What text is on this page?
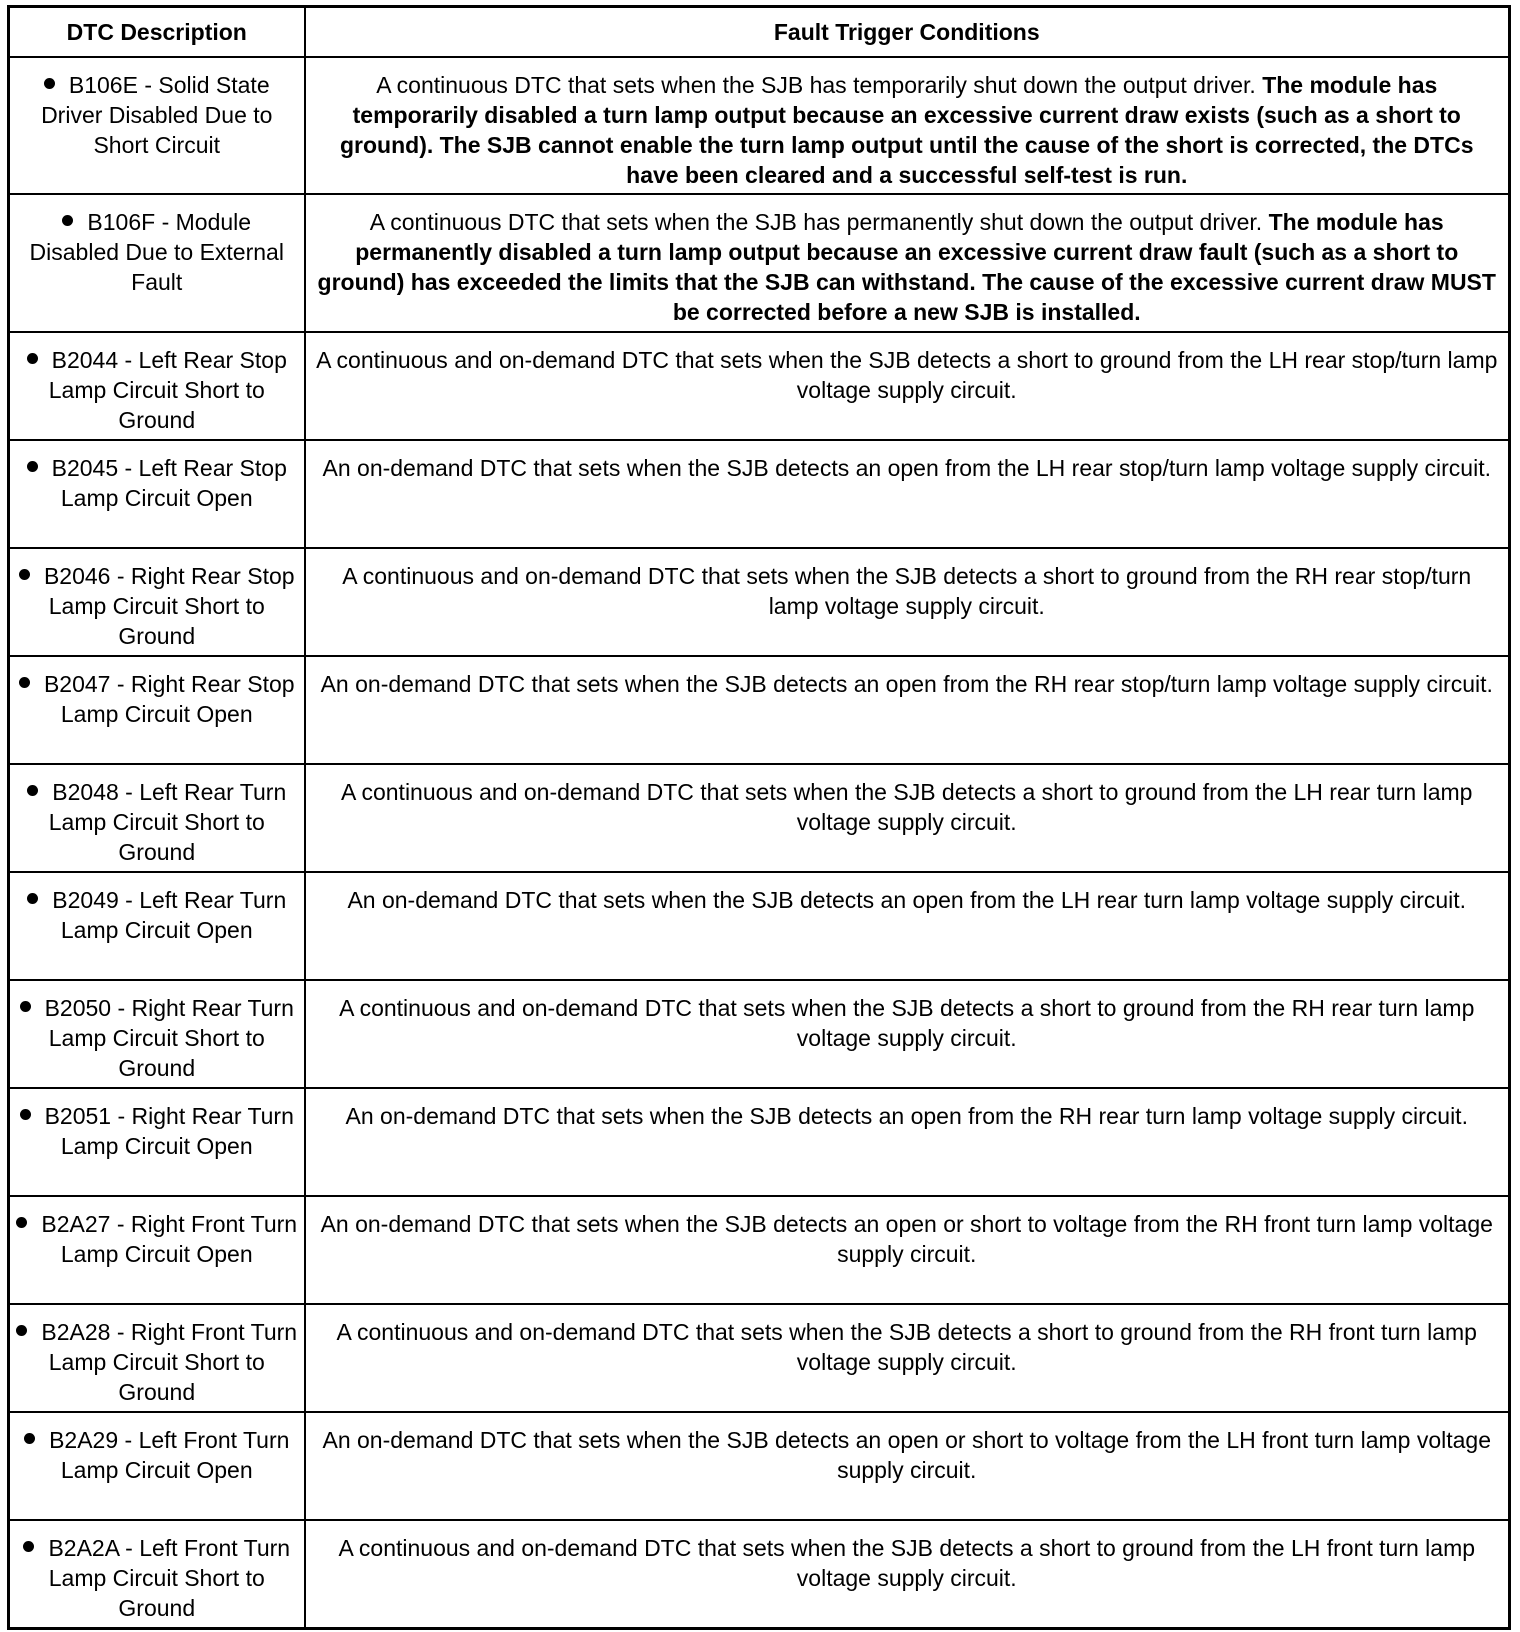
DTC Description	Fault Trigger Conditions
B106E - Solid State Driver Disabled Due to Short Circuit	A continuous DTC that sets when the SJB has temporarily shut down the output driver. The module has temporarily disabled a turn lamp output because an excessive current draw exists (such as a short to ground). The SJB cannot enable the turn lamp output until the cause of the short is corrected, the DTCs have been cleared and a successful self-test is run.
B106F - Module Disabled Due to External Fault	A continuous DTC that sets when the SJB has permanently shut down the output driver. The module has permanently disabled a turn lamp output because an excessive current draw fault (such as a short to ground) has exceeded the limits that the SJB can withstand. The cause of the excessive current draw MUST be corrected before a new SJB is installed.
B2044 - Left Rear Stop Lamp Circuit Short to Ground	A continuous and on-demand DTC that sets when the SJB detects a short to ground from the LH rear stop/turn lamp voltage supply circuit.
B2045 - Left Rear Stop Lamp Circuit Open	An on-demand DTC that sets when the SJB detects an open from the LH rear stop/turn lamp voltage supply circuit.
B2046 - Right Rear Stop Lamp Circuit Short to Ground	A continuous and on-demand DTC that sets when the SJB detects a short to ground from the RH rear stop/turn lamp voltage supply circuit.
B2047 - Right Rear Stop Lamp Circuit Open	An on-demand DTC that sets when the SJB detects an open from the RH rear stop/turn lamp voltage supply circuit.
B2048 - Left Rear Turn Lamp Circuit Short to Ground	A continuous and on-demand DTC that sets when the SJB detects a short to ground from the LH rear turn lamp voltage supply circuit.
B2049 - Left Rear Turn Lamp Circuit Open	An on-demand DTC that sets when the SJB detects an open from the LH rear turn lamp voltage supply circuit.
B2050 - Right Rear Turn Lamp Circuit Short to Ground	A continuous and on-demand DTC that sets when the SJB detects a short to ground from the RH rear turn lamp voltage supply circuit.
B2051 - Right Rear Turn Lamp Circuit Open	An on-demand DTC that sets when the SJB detects an open from the RH rear turn lamp voltage supply circuit.
B2A27 - Right Front Turn Lamp Circuit Open	An on-demand DTC that sets when the SJB detects an open or short to voltage from the RH front turn lamp voltage supply circuit.
B2A28 - Right Front Turn Lamp Circuit Short to Ground	A continuous and on-demand DTC that sets when the SJB detects a short to ground from the RH front turn lamp voltage supply circuit.
B2A29 - Left Front Turn Lamp Circuit Open	An on-demand DTC that sets when the SJB detects an open or short to voltage from the LH front turn lamp voltage supply circuit.
B2A2A - Left Front Turn Lamp Circuit Short to Ground	A continuous and on-demand DTC that sets when the SJB detects a short to ground from the LH front turn lamp voltage supply circuit.
